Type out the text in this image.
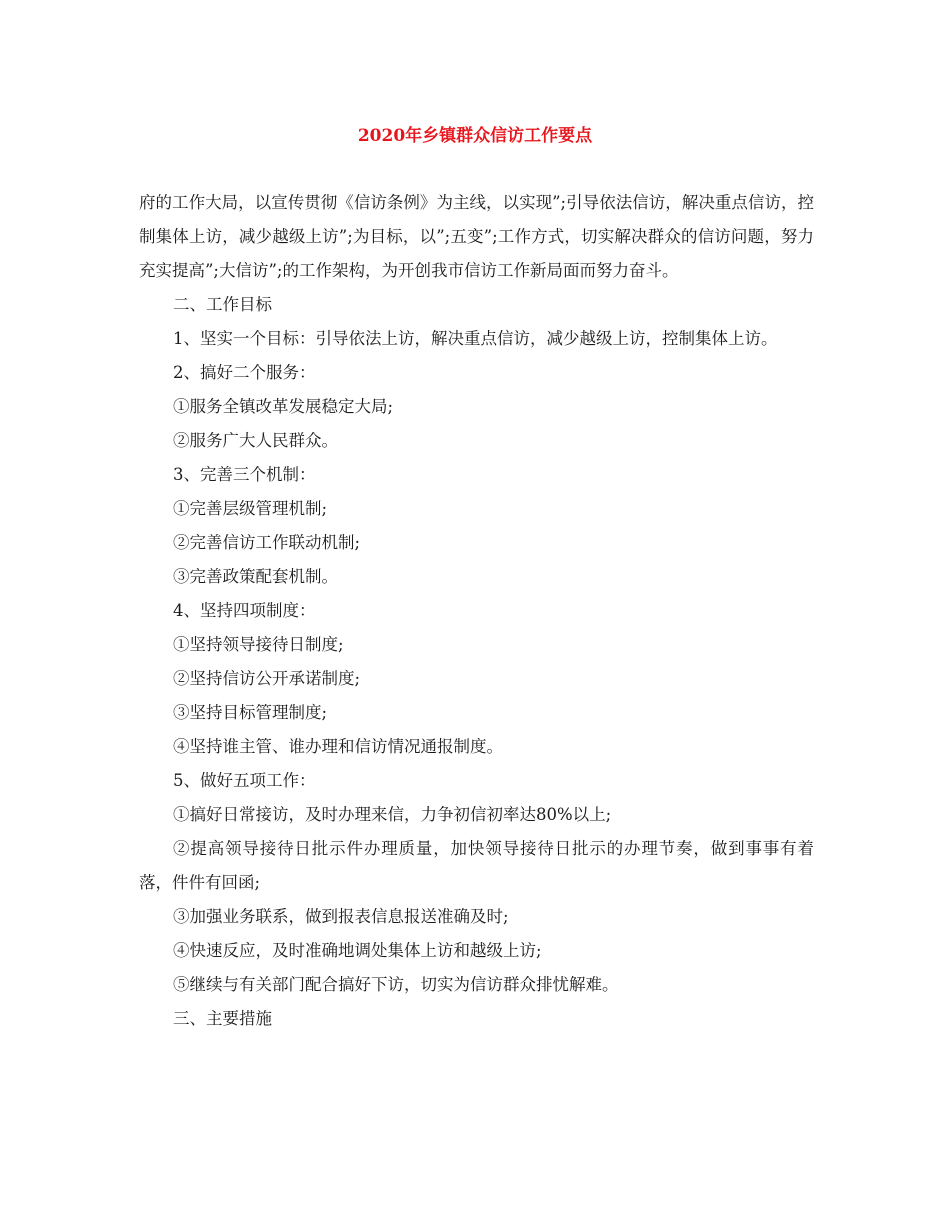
2020年乡镇群众信访工作要点

府的工作大局，以宣传贯彻《信访条例》为主线，以实现”;引导依法信访，解决重点信访，控制集体上访，减少越级上访”;为目标，以”;五变”;工作方式，切实解决群众的信访问题，努力充实提高”;大信访”;的工作架构，为开创我市信访工作新局面而努力奋斗。

二、工作目标

1、坚实一个目标：引导依法上访，解决重点信访，减少越级上访，控制集体上访。

2、搞好二个服务：

①服务全镇改革发展稳定大局;

②服务广大人民群众。

3、完善三个机制：

①完善层级管理机制;

②完善信访工作联动机制;

③完善政策配套机制。

4、坚持四项制度：

①坚持领导接待日制度;

②坚持信访公开承诺制度;

③坚持目标管理制度;

④坚持谁主管、谁办理和信访情况通报制度。

5、做好五项工作：

①搞好日常接访，及时办理来信，力争初信初率达80%以上;

②提高领导接待日批示件办理质量，加快领导接待日批示的办理节奏，做到事事有着落，件件有回函;

③加强业务联系，做到报表信息报送准确及时;

④快速反应，及时准确地调处集体上访和越级上访;

⑤继续与有关部门配合搞好下访，切实为信访群众排忧解难。

三、主要措施
